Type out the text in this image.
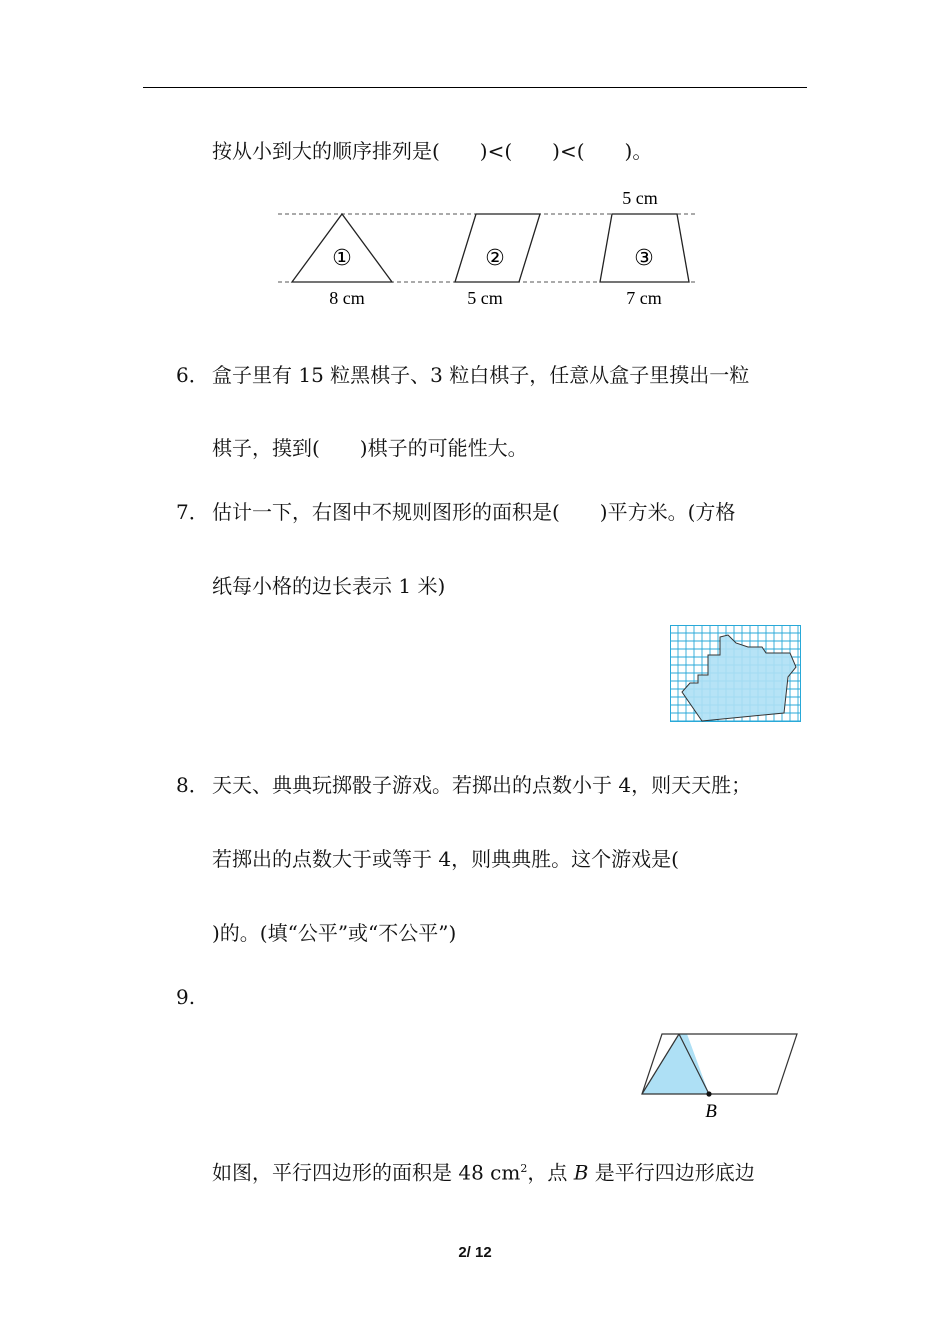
按从小到大的顺序排列是(　　)<(　　)<(　　)。
①
8 cm
②
5 cm
③
5 cm
7 cm
6． 盒子里有 15 粒黑棋子、3 粒白棋子，任意从盒子里摸出一粒
棋子，摸到(　　)棋子的可能性大。
7． 估计一下，右图中不规则图形的面积是(　　)平方米。(方格
纸每小格的边长表示 1 米)
8． 天天、典典玩掷骰子游戏。若掷出的点数小于 4，则天天胜；
若掷出的点数大于或等于 4，则典典胜。这个游戏是(
)的。(填“公平”或“不公平”)
9.
B
如图，平行四边形的面积是 48 $cm^2$，点 B 是平行四边形底边
2/ 12
